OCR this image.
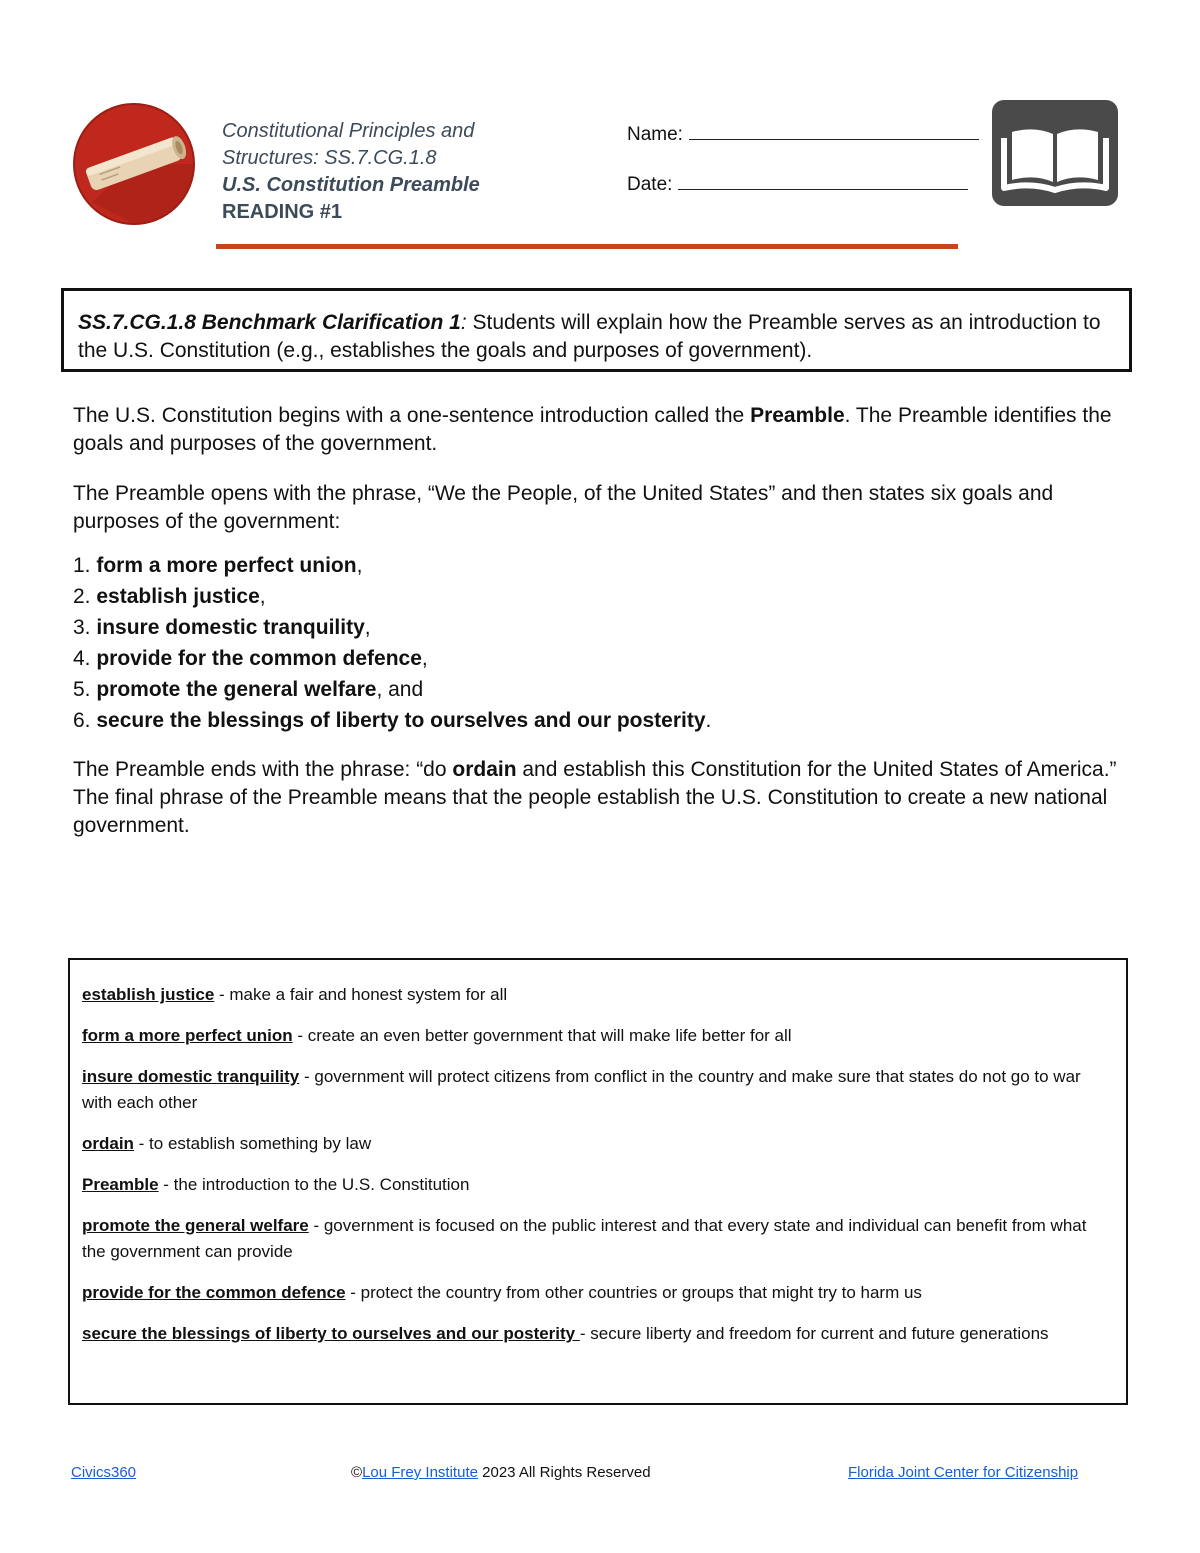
Constitutional Principles and
Structures: SS.7.CG.1.8
U.S. Constitution Preamble
READING #1
Name:
Date:
SS.7.CG.1.8 Benchmark Clarification 1: Students will explain how the Preamble serves as an introduction to the U.S. Constitution (e.g., establishes the goals and purposes of government).

The U.S. Constitution begins with a one-sentence introduction called the Preamble. The Preamble identifies the goals and purposes of the government.

The Preamble opens with the phrase, “We the People, of the United States” and then states six goals and purposes of the government:

1. form a more perfect union,
2. establish justice,
3. insure domestic tranquility,
4. provide for the common defence,
5. promote the general welfare, and
6. secure the blessings of liberty to ourselves and our posterity.

The Preamble ends with the phrase: “do ordain and establish this Constitution for the United States of America.” The final phrase of the Preamble means that the people establish the U.S. Constitution to create a new national government.

establish justice - make a fair and honest system for all
form a more perfect union - create an even better government that will make life better for all
insure domestic tranquility - government will protect citizens from conflict in the country and make sure that states do not go to war with each other
ordain - to establish something by law
Preamble - the introduction to the U.S. Constitution
promote the general welfare - government is focused on the public interest and that every state and individual can benefit from what the government can provide
provide for the common defence - protect the country from other countries or groups that might try to harm us
secure the blessings of liberty to ourselves and our posterity - secure liberty and freedom for current and future generations
Civics360	©Lou Frey Institute 2023 All Rights Reserved	Florida Joint Center for Citizenship
